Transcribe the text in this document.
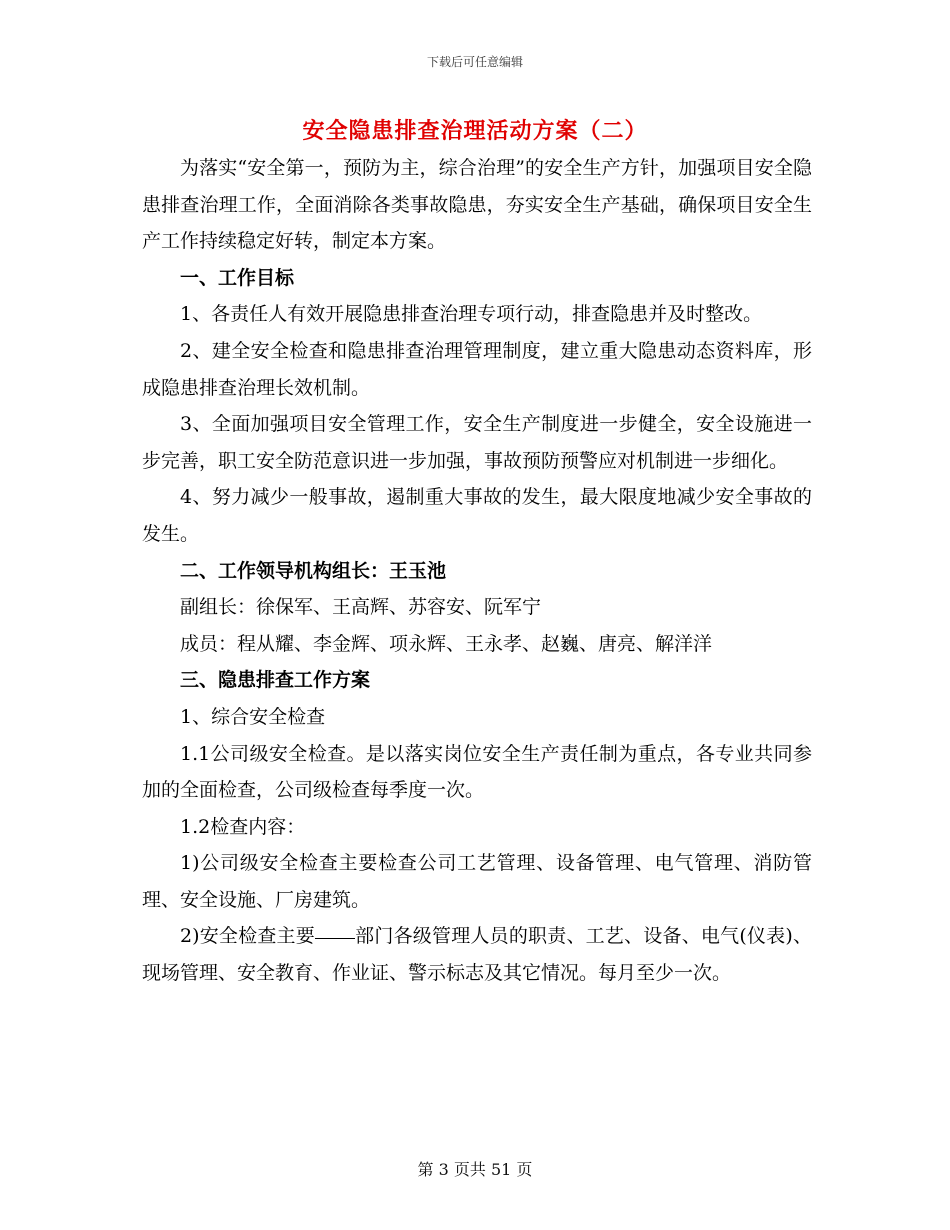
下载后可任意编辑
安全隐患排查治理活动方案（二）

为落实“安全第一，预防为主，综合治理”的安全生产方针，加强项目安全隐患排查治理工作，全面消除各类事故隐患，夯实安全生产基础，确保项目安全生产工作持续稳定好转，制定本方案。

一、工作目标

1、各责任人有效开展隐患排查治理专项行动，排查隐患并及时整改。

2、建全安全检查和隐患排查治理管理制度，建立重大隐患动态资料库，形成隐患排查治理长效机制。

3、全面加强项目安全管理工作，安全生产制度进一步健全，安全设施进一步完善，职工安全防范意识进一步加强，事故预防预警应对机制进一步细化。

4、努力减少一般事故，遏制重大事故的发生，最大限度地减少安全事故的发生。

二、工作领导机构组长：王玉池

副组长：徐保军、王高辉、苏容安、阮军宁

成员：程从耀、李金辉、项永辉、王永孝、赵巍、唐亮、解洋洋

三、隐患排查工作方案

1、综合安全检查

1.1公司级安全检查。是以落实岗位安全生产责任制为重点，各专业共同参加的全面检查，公司级检查每季度一次。

1.2检查内容：

1)公司级安全检查主要检查公司工艺管理、设备管理、电气管理、消防管理、安全设施、厂房建筑。

2)安全检查主要 部门各级管理人员的职责、工艺、设备、电气(仪表)、现场管理、安全教育、作业证、警示标志及其它情况。每月至少一次。

第 3 页共 51 页
